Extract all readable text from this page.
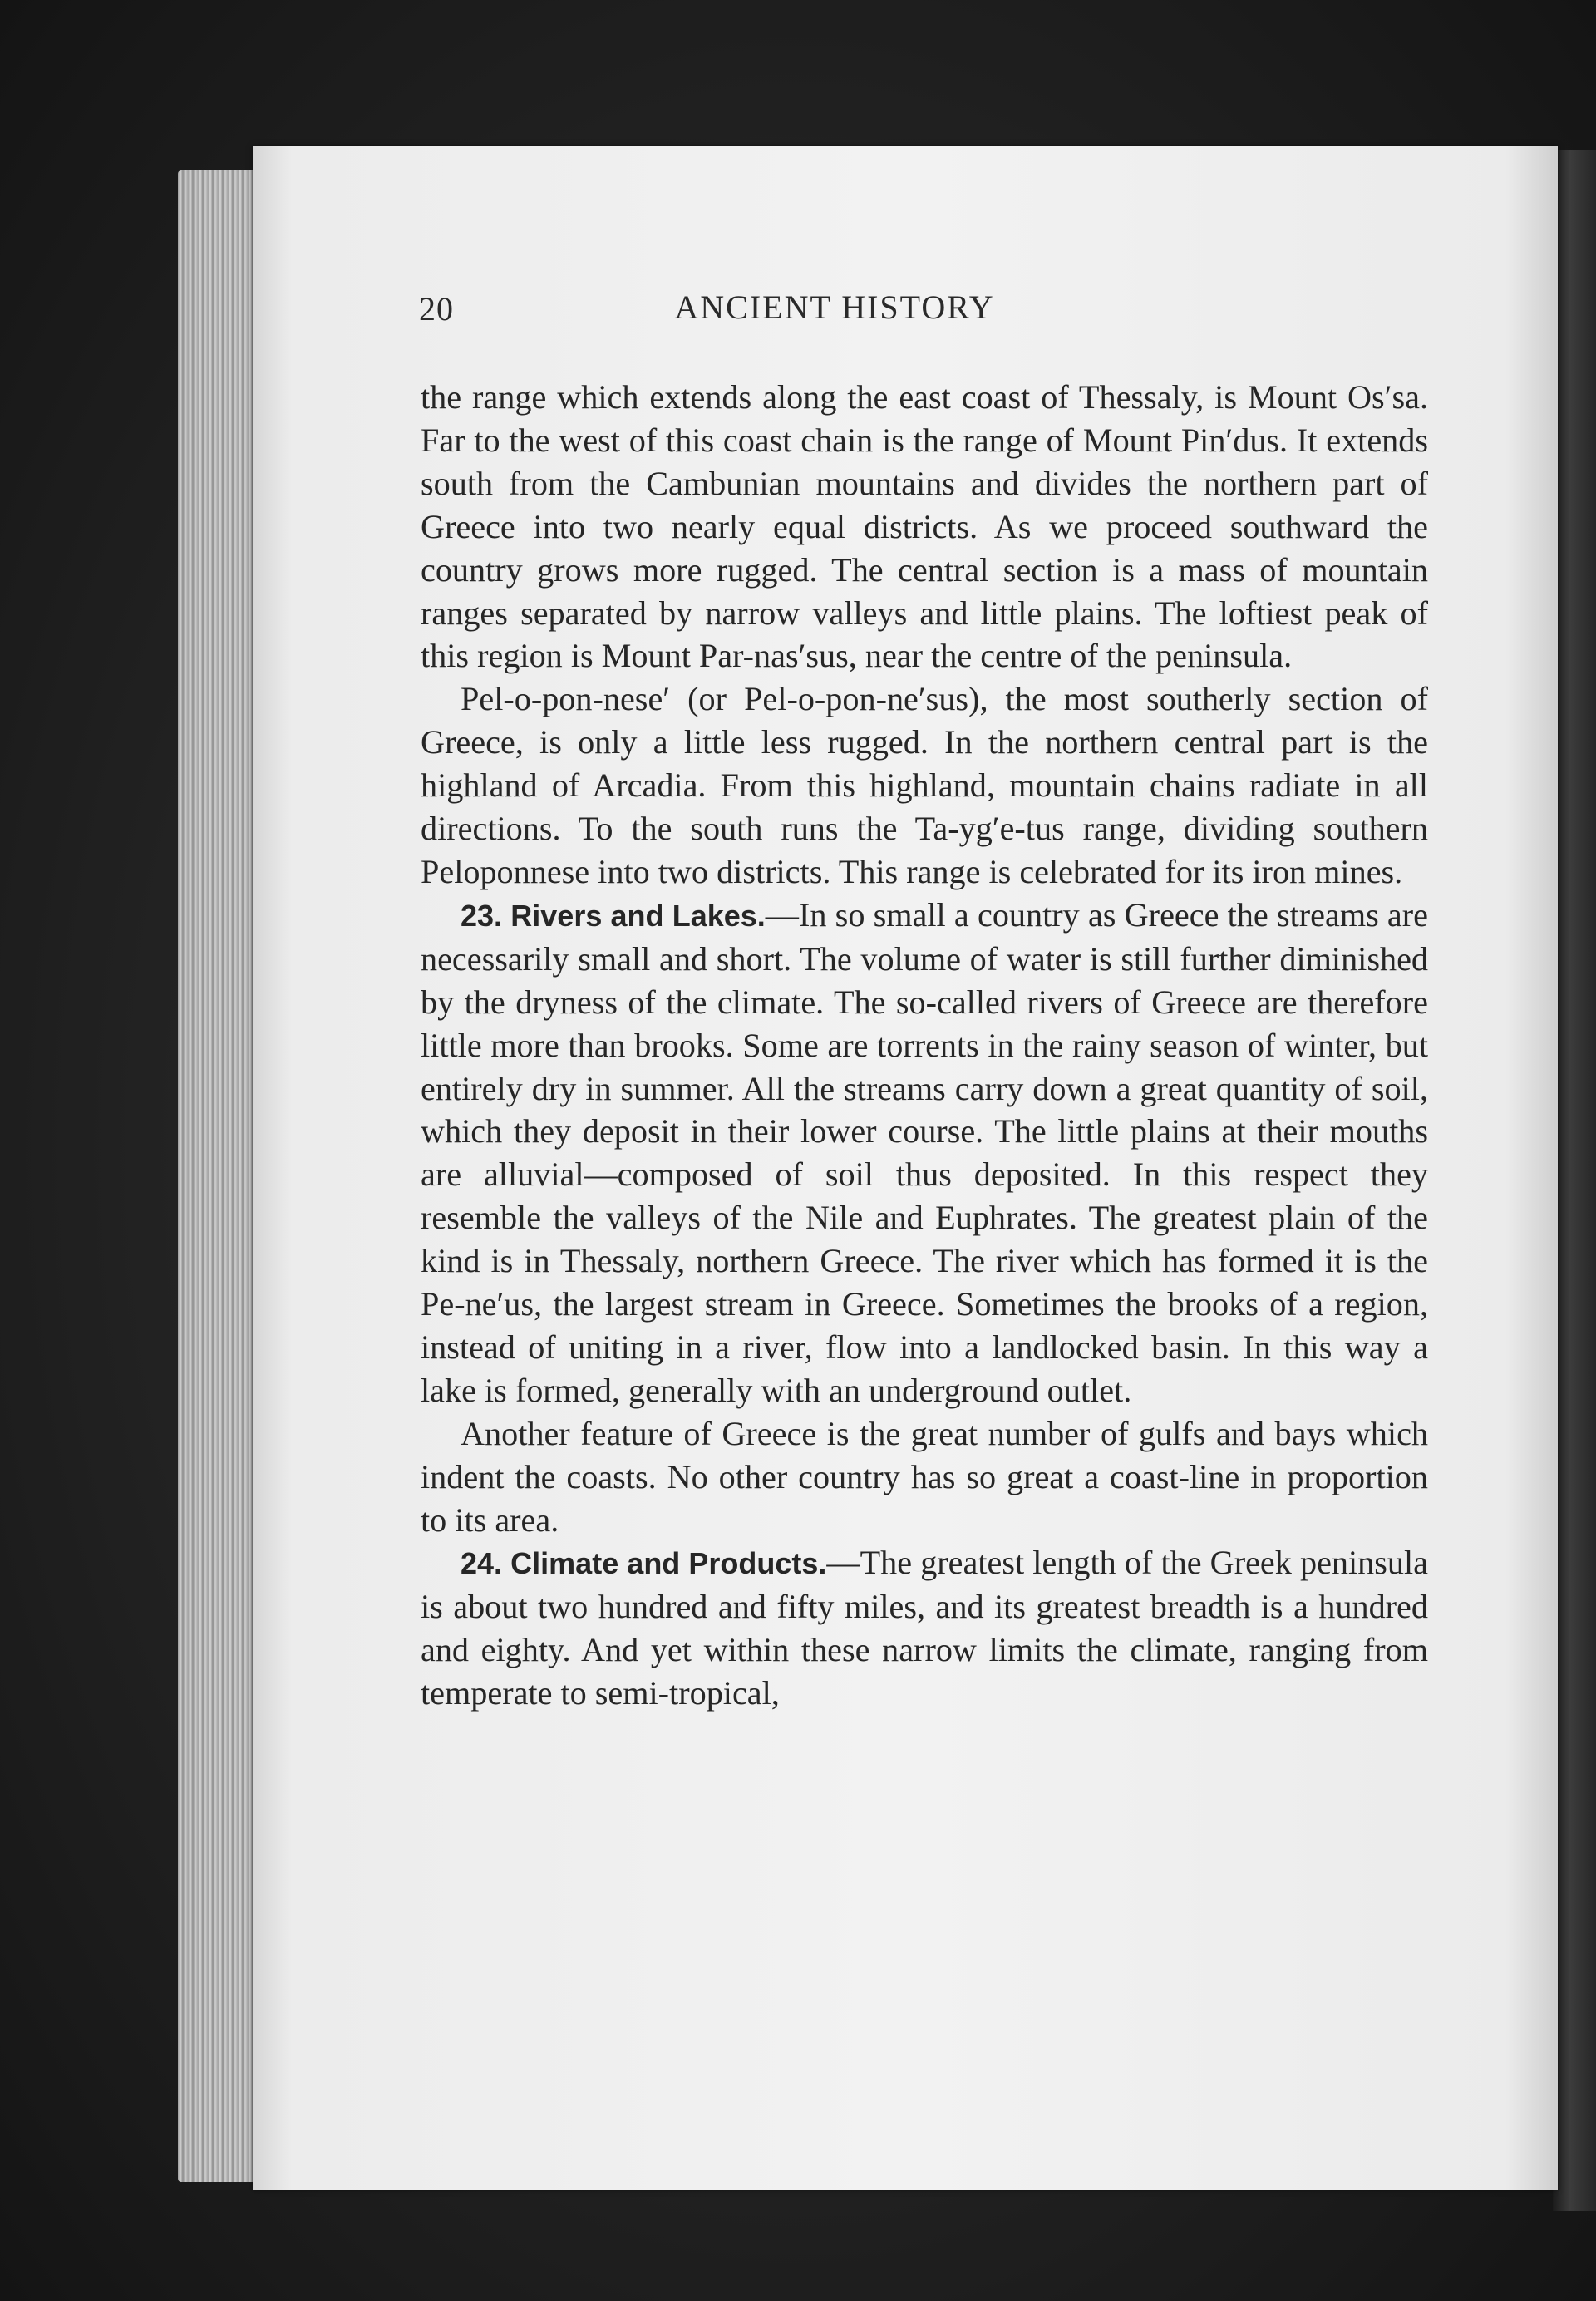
20	ANCIENT HISTORY

the range which extends along the east coast of Thessaly, is Mount Os′sa. Far to the west of this coast chain is the range of Mount Pin′dus. It extends south from the Cambunian mountains and divides the northern part of Greece into two nearly equal districts. As we proceed southward the country grows more rugged. The central section is a mass of mountain ranges separated by narrow valleys and little plains. The loftiest peak of this region is Mount Par-nas′sus, near the centre of the peninsula.

Pel-o-pon-nese′ (or Pel-o-pon-ne′sus), the most southerly section of Greece, is only a little less rugged. In the northern central part is the highland of Arcadia. From this highland, mountain chains radiate in all directions. To the south runs the Ta-yg′e-tus range, dividing southern Peloponnese into two districts. This range is celebrated for its iron mines.

23. Rivers and Lakes.—In so small a country as Greece the streams are necessarily small and short. The volume of water is still further diminished by the dryness of the climate. The so-called rivers of Greece are therefore little more than brooks. Some are torrents in the rainy season of winter, but entirely dry in summer. All the streams carry down a great quantity of soil, which they deposit in their lower course. The little plains at their mouths are alluvial—composed of soil thus deposited. In this respect they resemble the valleys of the Nile and Euphrates. The greatest plain of the kind is in Thessaly, northern Greece. The river which has formed it is the Pe-ne′us, the largest stream in Greece. Sometimes the brooks of a region, instead of uniting in a river, flow into a landlocked basin. In this way a lake is formed, generally with an underground outlet.

Another feature of Greece is the great number of gulfs and bays which indent the coasts. No other country has so great a coast-line in proportion to its area.

24. Climate and Products.—The greatest length of the Greek peninsula is about two hundred and fifty miles, and its greatest breadth is a hundred and eighty. And yet within these narrow limits the climate, ranging from temperate to semi-tropical,
